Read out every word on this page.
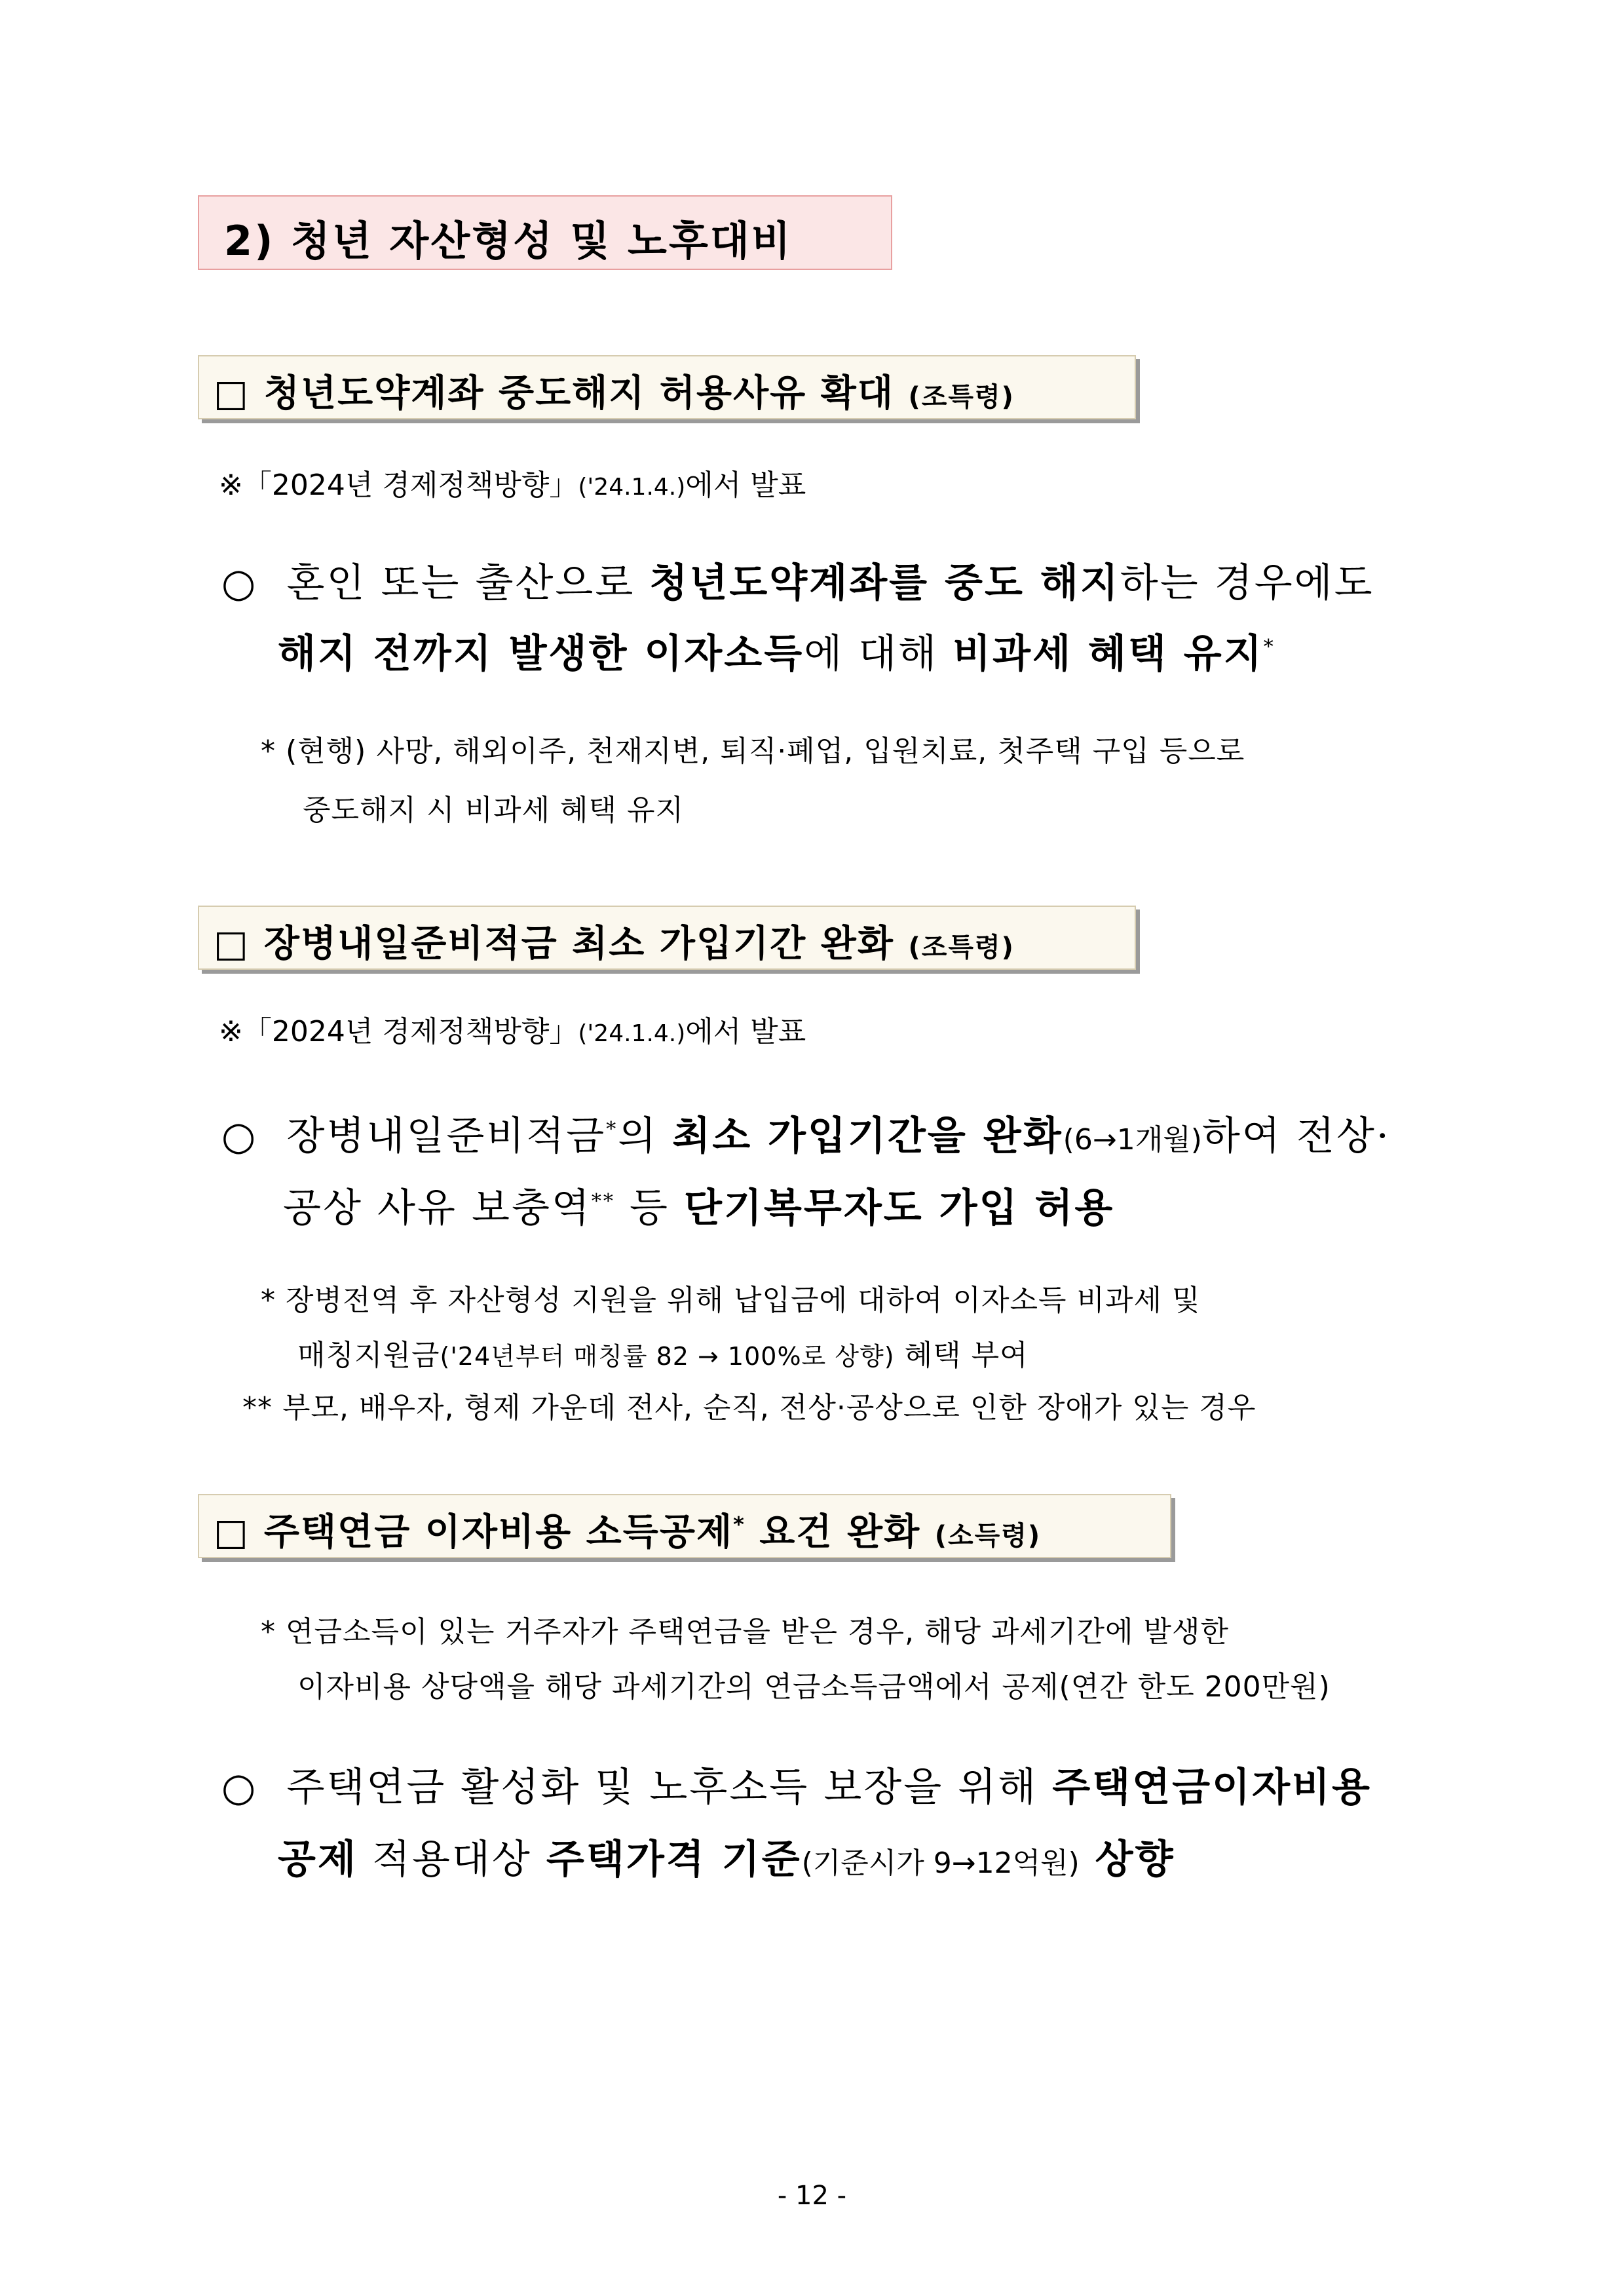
2) 청년 자산형성 및 노후대비
□ 청년도약계좌 중도해지 허용사유 확대 (조특령)
※「2024년 경제정책방향」('24.1.4.)에서 발표
○ 혼인 또는 출산으로 청년도약계좌를 중도 해지하는 경우에도
해지 전까지 발생한 이자소득에 대해 비과세 혜택 유지*
* (현행) 사망, 해외이주, 천재지변, 퇴직·폐업, 입원치료, 첫주택 구입 등으로
중도해지 시 비과세 혜택 유지
□ 장병내일준비적금 최소 가입기간 완화 (조특령)
※「2024년 경제정책방향」('24.1.4.)에서 발표
○ 장병내일준비적금*의 최소 가입기간을 완화(6→1개월)하여 전상·
공상 사유 보충역** 등 단기복무자도 가입 허용
* 장병전역 후 자산형성 지원을 위해 납입금에 대하여 이자소득 비과세 및
매칭지원금('24년부터 매칭률 82 → 100%로 상향) 혜택 부여
** 부모, 배우자, 형제 가운데 전사, 순직, 전상·공상으로 인한 장애가 있는 경우
□ 주택연금 이자비용 소득공제* 요건 완화 (소득령)
* 연금소득이 있는 거주자가 주택연금을 받은 경우, 해당 과세기간에 발생한
이자비용 상당액을 해당 과세기간의 연금소득금액에서 공제(연간 한도 200만원)
○ 주택연금 활성화 및 노후소득 보장을 위해 주택연금이자비용
공제 적용대상 주택가격 기준(기준시가 9→12억원) 상향
- 12 -
